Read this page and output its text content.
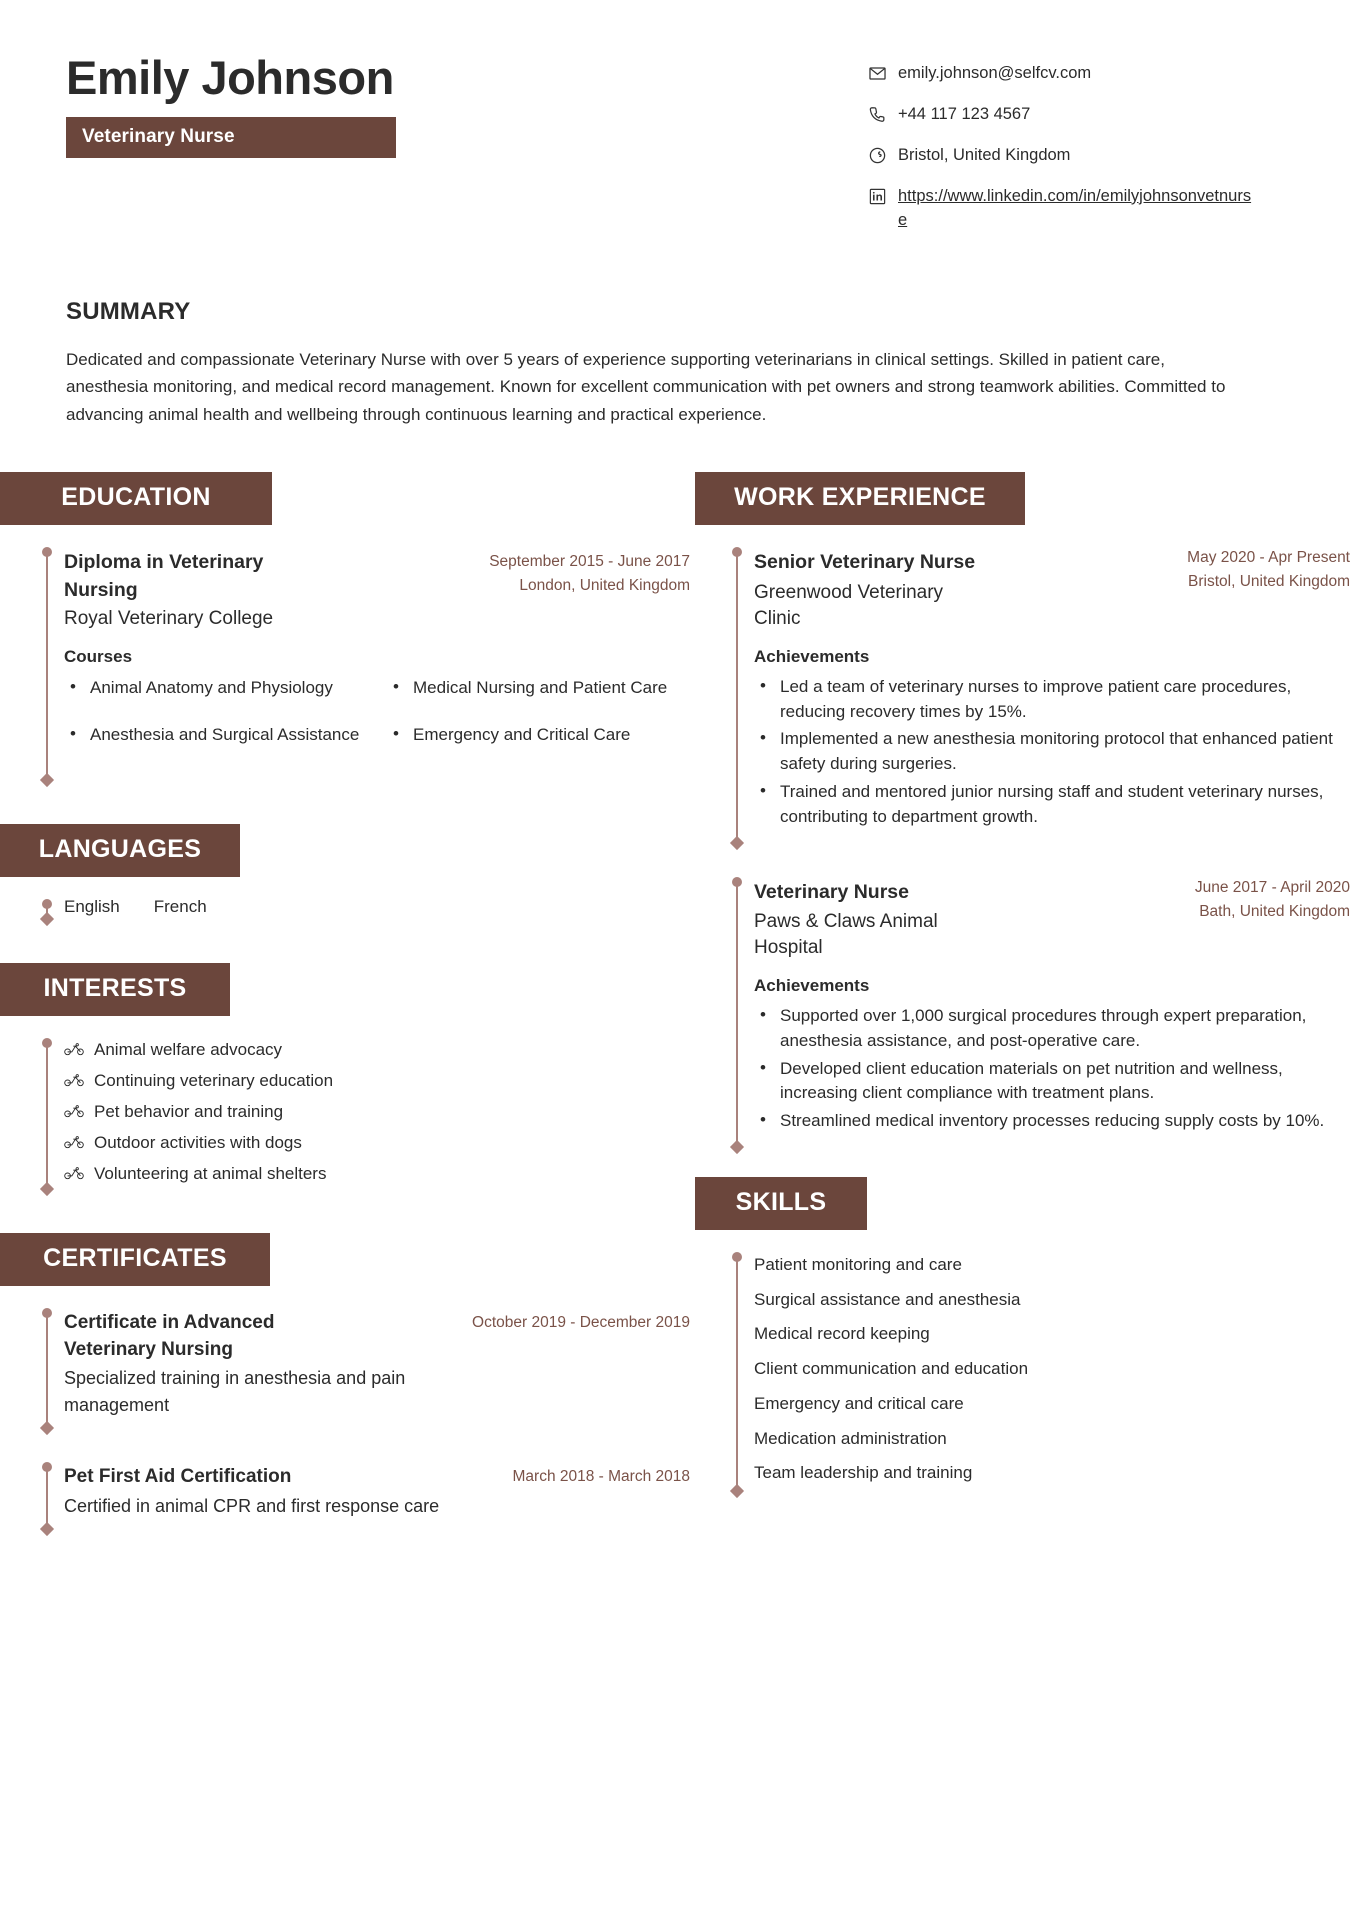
Emily Johnson
Veterinary Nurse
emily.johnson@selfcv.com
+44 117 123 4567
Bristol, United Kingdom
https://www.linkedin.com/in/emilyjohnsonvetnurse
SUMMARY

Dedicated and compassionate Veterinary Nurse with over 5 years of experience supporting veterinarians in clinical settings. Skilled in patient care, anesthesia monitoring, and medical record management. Known for excellent communication with pet owners and strong teamwork abilities. Committed to advancing animal health and wellbeing through continuous learning and practical experience.

EDUCATION
Diploma in Veterinary Nursing
Royal Veterinary College
September 2015 - June 2017
London, United Kingdom
Courses
• Animal Anatomy and Physiology
• Anesthesia and Surgical Assistance
• Medical Nursing and Patient Care
• Emergency and Critical Care
LANGUAGES
English French
INTERESTS
Animal welfare advocacy
Continuing veterinary education
Pet behavior and training
Outdoor activities with dogs
Volunteering at animal shelters
CERTIFICATES
Certificate in Advanced Veterinary Nursing
October 2019 - December 2019
Specialized training in anesthesia and pain management
Pet First Aid Certification	March 2018 - March 2018
Certified in animal CPR and first response care
WORK EXPERIENCE
Senior Veterinary Nurse
Greenwood Veterinary Clinic
May 2020 - Apr Present
Bristol, United Kingdom
Achievements
• Led a team of veterinary nurses to improve patient care procedures, reducing recovery times by 15%.
• Implemented a new anesthesia monitoring protocol that enhanced patient safety during surgeries.
• Trained and mentored junior nursing staff and student veterinary nurses, contributing to department growth.
Veterinary Nurse
Paws & Claws Animal Hospital
June 2017 - April 2020
Bath, United Kingdom
Achievements
• Supported over 1,000 surgical procedures through expert preparation, anesthesia assistance, and post-operative care.
• Developed client education materials on pet nutrition and wellness, increasing client compliance with treatment plans.
• Streamlined medical inventory processes reducing supply costs by 10%.
SKILLS
Patient monitoring and care
Surgical assistance and anesthesia
Medical record keeping
Client communication and education
Emergency and critical care
Medication administration
Team leadership and training
